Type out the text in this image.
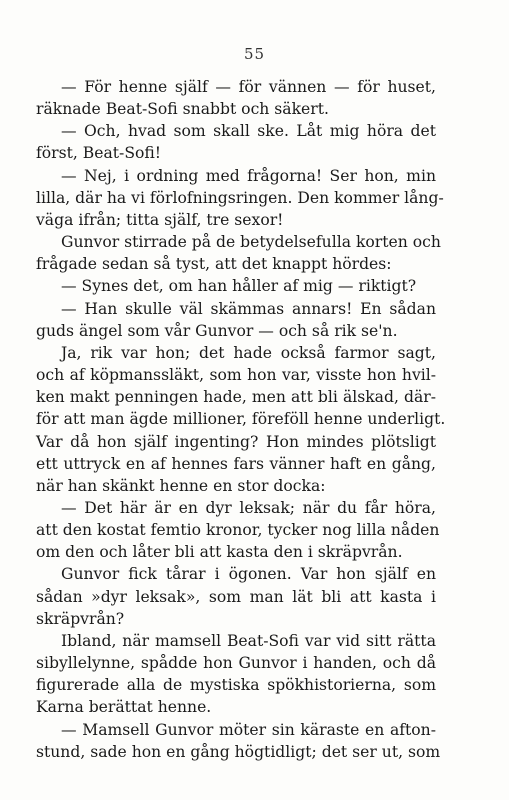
55
— För henne själf — för vännen — för huset,
räknade Beat-Sofi snabbt och säkert.
— Och, hvad som skall ske. Låt mig höra det
först, Beat-Sofi!
— Nej, i ordning med frågorna! Ser hon, min
lilla, där ha vi förlofningsringen. Den kommer lång-
väga ifrån; titta själf, tre sexor!
Gunvor stirrade på de betydelsefulla korten och
frågade sedan så tyst, att det knappt hördes:
— Synes det, om han håller af mig — riktigt?
— Han skulle väl skämmas annars! En sådan
guds ängel som vår Gunvor — och så rik se'n.
Ja, rik var hon; det hade också farmor sagt,
och af köpmanssläkt, som hon var, visste hon hvil-
ken makt penningen hade, men att bli älskad, där-
för att man ägde millioner, föreföll henne underligt.
Var då hon själf ingenting? Hon mindes plötsligt
ett uttryck en af hennes fars vänner haft en gång,
när han skänkt henne en stor docka:
— Det här är en dyr leksak; när du får höra,
att den kostat femtio kronor, tycker nog lilla nåden
om den och låter bli att kasta den i skräpvrån.
Gunvor fick tårar i ögonen. Var hon själf en
sådan »dyr leksak», som man lät bli att kasta i
skräpvrån?
Ibland, när mamsell Beat-Sofi var vid sitt rätta
sibyllelynne, spådde hon Gunvor i handen, och då
figurerade alla de mystiska spökhistorierna, som
Karna berättat henne.
— Mamsell Gunvor möter sin käraste en afton-
stund, sade hon en gång högtidligt; det ser ut, som
